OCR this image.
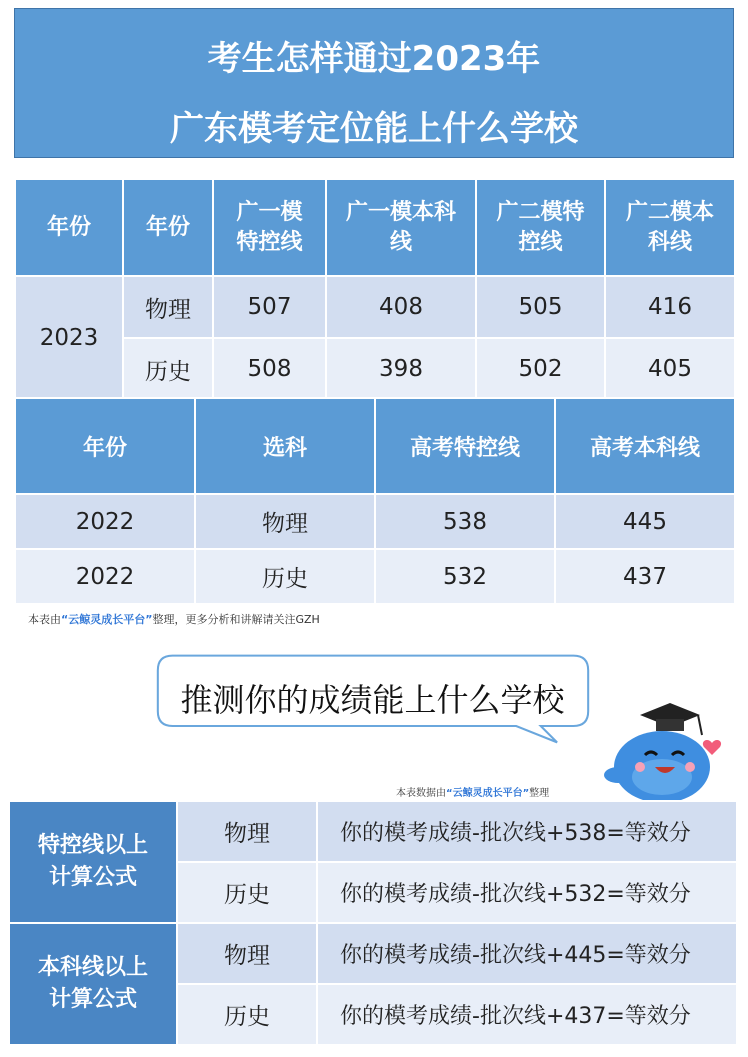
考生怎样通过2023年
广东模考定位能上什么学校
年份	年份	广一模特控线	广一模本科线	广二模特控线	广二模本科线

2023	物理	507	408	505	416
	历史	508	398	502	405
年份	选科	高考特控线	高考本科线
2022	物理	538	445
2022	历史	532	437
本表由“云鲸灵成长平台”整理，更多分析和讲解请关注GZH
推测你的成绩能上什么学校
本表数据由“云鲸灵成长平台”整理
特控线以上计算公式	物理	你的模考成绩-批次线+538=等效分
	历史	你的模考成绩-批次线+532=等效分

本科线以上计算公式	物理	你的模考成绩-批次线+445=等效分
	历史	你的模考成绩-批次线+437=等效分
